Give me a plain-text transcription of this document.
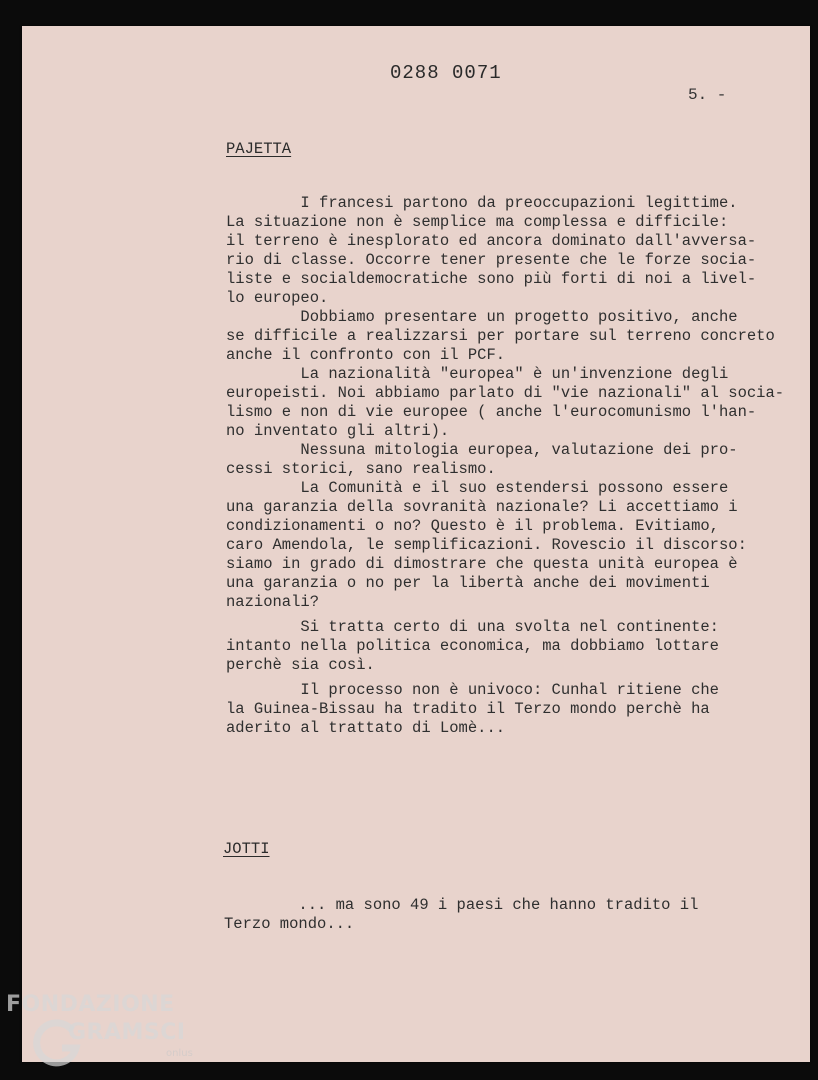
0288 0071
5. -
PAJETTA
I francesi partono da preoccupazioni legittime.
La situazione non è semplice ma complessa e difficile:
il terreno è inesplorato ed ancora dominato dall'avversa-
rio di classe. Occorre tener presente che le forze socia-
liste e socialdemocratiche sono più forti di noi a livel-
lo europeo.
Dobbiamo presentare un progetto positivo, anche
se difficile a realizzarsi per portare sul terreno concreto
anche il confronto con il PCF.
La nazionalità "europea" è un'invenzione degli
europeisti. Noi abbiamo parlato di "vie nazionali" al socia-
lismo e non di vie europee ( anche l'eurocomunismo l'han-
no inventato gli altri).
Nessuna mitologia europea, valutazione dei pro-
cessi storici, sano realismo.
La Comunità e il suo estendersi possono essere
una garanzia della sovranità nazionale? Li accettiamo i
condizionamenti o no? Questo è il problema. Evitiamo,
caro Amendola, le semplificazioni. Rovescio il discorso:
siamo in grado di dimostrare che questa unità europea è
una garanzia o no per la libertà anche dei movimenti
nazionali?
Si tratta certo di una svolta nel continente:
intanto nella politica economica, ma dobbiamo lottare
perchè sia così.
Il processo non è univoco: Cunhal ritiene che
la Guinea-Bissau ha tradito il Terzo mondo perchè ha
aderito al trattato di Lomè...
JOTTI
... ma sono 49 i paesi che hanno tradito il
Terzo mondo...
FONDAZIONE
GRAMSCI
onlus
